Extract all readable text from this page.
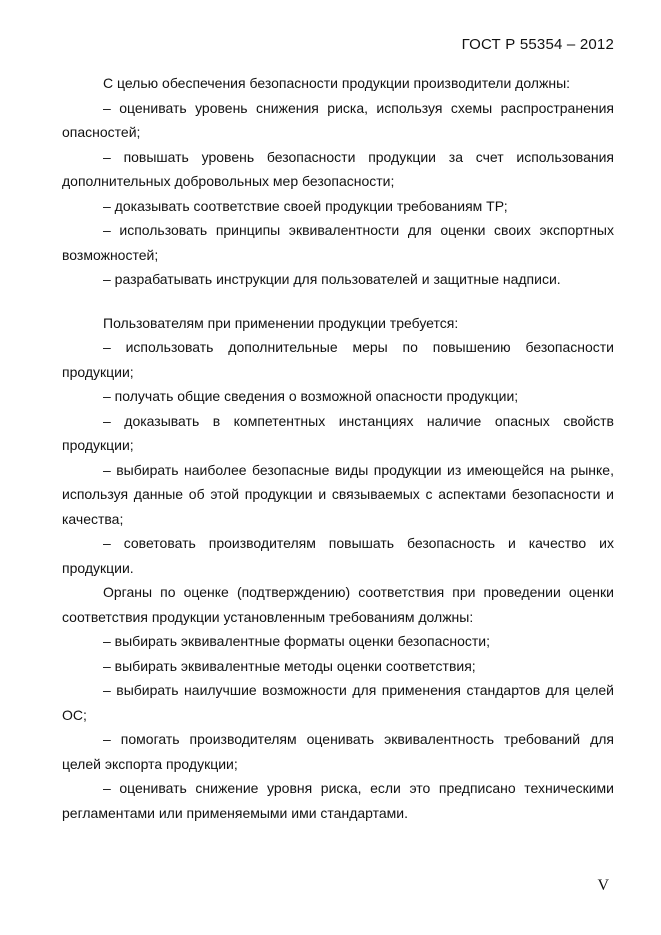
ГОСТ Р 55354 – 2012

С целью обеспечения безопасности продукции производители должны:

– оценивать уровень снижения риска, используя схемы распространения опасностей;

– повышать уровень безопасности продукции за счет использования дополнительных добровольных мер безопасности;

– доказывать соответствие своей продукции требованиям ТР;

– использовать принципы эквивалентности для оценки своих экспортных возможностей;

– разрабатывать инструкции для пользователей и защитные надписи.

Пользователям при применении продукции требуется:

– использовать дополнительные меры по повышению безопасности продукции;

– получать общие сведения о возможной опасности продукции;

– доказывать в компетентных инстанциях наличие опасных свойств продукции;

– выбирать наиболее безопасные виды продукции из имеющейся на рынке, используя данные об этой продукции и связываемых с аспектами безопасности и качества;

– советовать производителям повышать безопасность и качество их продукции.

Органы по оценке (подтверждению) соответствия при проведении оценки соответствия продукции установленным требованиям должны:

– выбирать эквивалентные форматы оценки безопасности;

– выбирать эквивалентные методы оценки соответствия;

– выбирать наилучшие возможности для применения стандартов для целей ОС;

– помогать производителям оценивать эквивалентность требований для целей экспорта продукции;

– оценивать снижение уровня риска, если это предписано техническими регламентами или применяемыми ими стандартами.

V
